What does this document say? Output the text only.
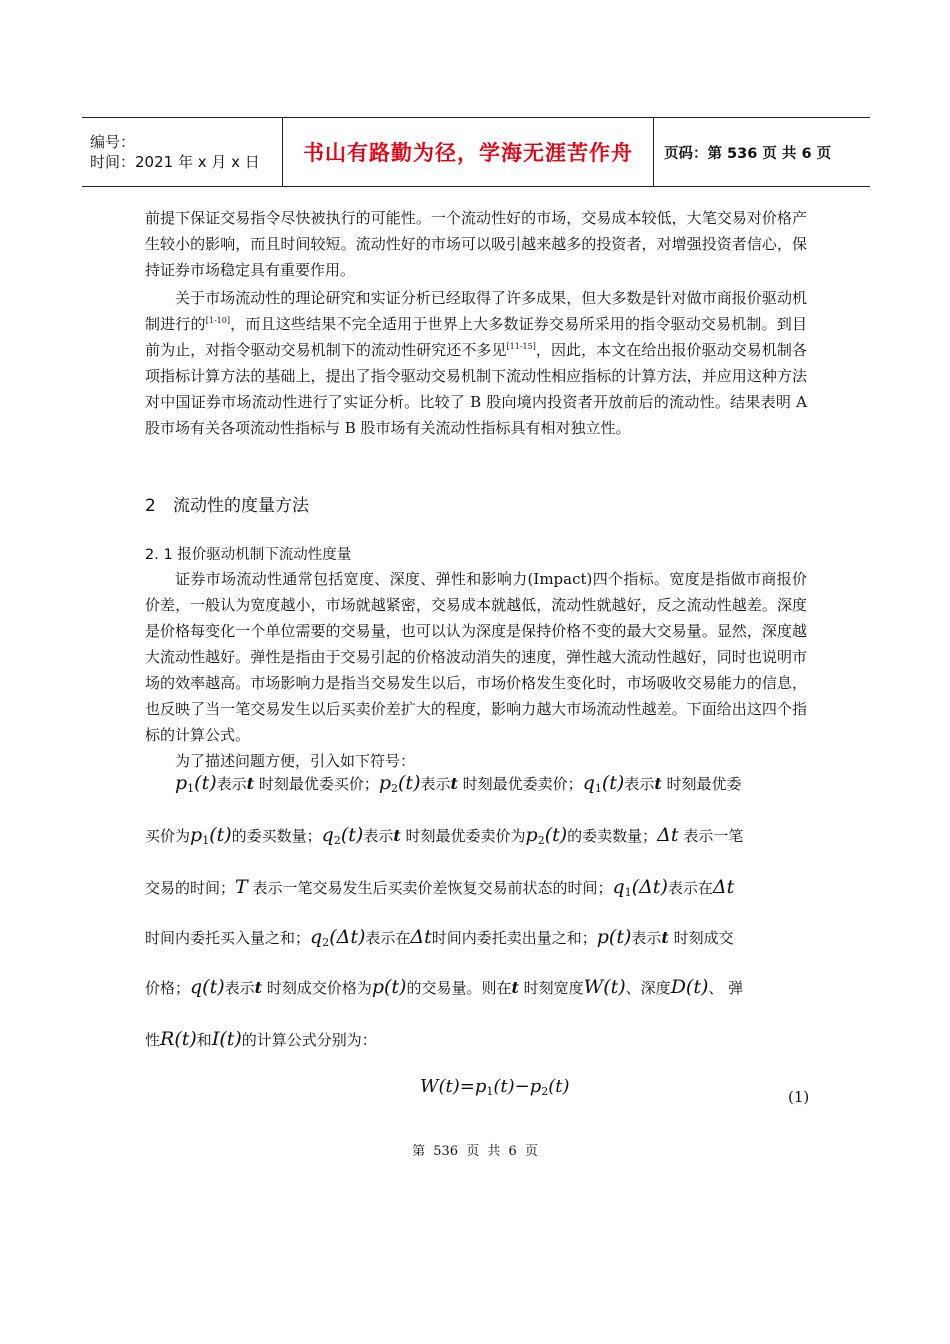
编号：
时间：2021 年 x 月 x 日	书山有路勤为径，学海无涯苦作舟	页码：第 536 页 共 6 页

前提下保证交易指令尽快被执行的可能性。一个流动性好的市场，交易成本较低，大笔交易对价格产生较小的影响，而且时间较短。流动性好的市场可以吸引越来越多的投资者，对增强投资者信心，保持证券市场稳定具有重要作用。

关于市场流动性的理论研究和实证分析已经取得了许多成果，但大多数是针对做市商报价驱动机制进行的[1-10]，而且这些结果不完全适用于世界上大多数证券交易所采用的指令驱动交易机制。到目前为止，对指令驱动交易机制下的流动性研究还不多见[11-15]，因此，本文在给出报价驱动交易机制各项指标计算方法的基础上，提出了指令驱动交易机制下流动性相应指标的计算方法，并应用这种方法对中国证券市场流动性进行了实证分析。比较了 B 股向境内投资者开放前后的流动性。结果表明 A 股市场有关各项流动性指标与 B 股市场有关流动性指标具有相对独立性。

2 流动性的度量方法
2. 1 报价驱动机制下流动性度量

证券市场流动性通常包括宽度、深度、弹性和影响力(Impact)四个指标。宽度是指做市商报价价差，一般认为宽度越小，市场就越紧密，交易成本就越低，流动性就越好，反之流动性越差。深度是价格每变化一个单位需要的交易量，也可以认为深度是保持价格不变的最大交易量。显然，深度越大流动性越好。弹性是指由于交易引起的价格波动消失的速度，弹性越大流动性越好，同时也说明市场的效率越高。市场影响力是指当交易发生以后，市场价格发生变化时，市场吸收交易能力的信息，也反映了当一笔交易发生以后买卖价差扩大的程度，影响力越大市场流动性越差。下面给出这四个指标的计算公式。

为了描述问题方便，引入如下符号：

$p_1(t)$表示t 时刻最优委买价；$p_2(t)$表示t 时刻最优委卖价；$q_1(t)$表示t 时刻最优委
买价为$p_1(t)$的委买数量；$q_2(t)$表示t 时刻最优委卖价为$p_2(t)$的委卖数量；Δt 表示一笔
交易的时间；T 表示一笔交易发生后买卖价差恢复交易前状态的时间；$q_1(\Delta t)$表示在Δt
时间内委托买入量之和；$q_2(\Delta t)$表示在Δt时间内委托卖出量之和；p(t)表示t 时刻成交
价格；q(t)表示t 时刻成交价格为p(t)的交易量。则在t 时刻宽度W(t)、深度D(t)、 弹
性R(t)和I(t)的计算公式分别为：
$W(t)=p_1(t)-p_2(t)$	(1)
第 536 页 共 6 页
